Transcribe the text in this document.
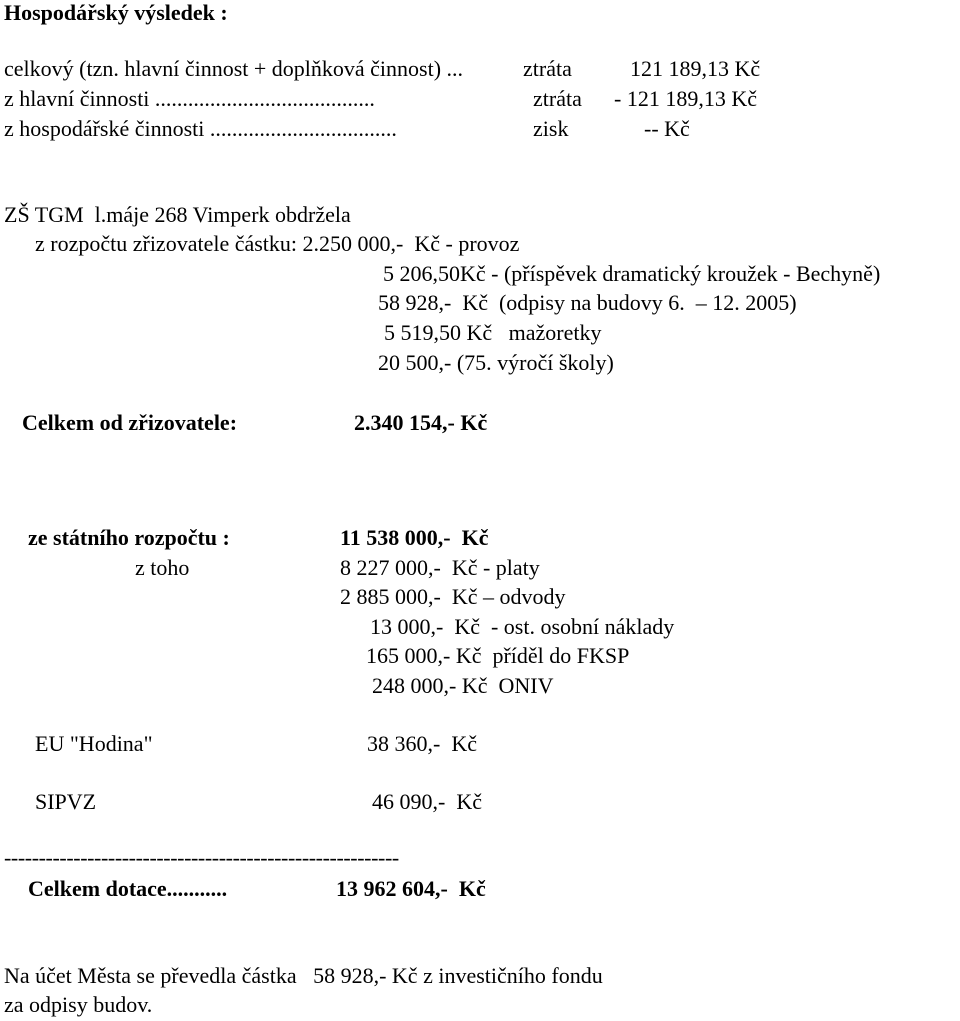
Hospodářský výsledek :
celkový (tzn. hlavní činnost + doplňková činnost) ...	ztráta	121 189,13 Kč
z hlavní činnosti ........................................	ztráta - 121 189,13 Kč
z hospodářské činnosti ..................................	zisk	-- Kč
ZŠ TGM  l.máje 268 Vimperk obdržela
z rozpočtu zřizovatele částku: 2.250 000,-  Kč - provoz
5 206,50Kč - (příspěvek dramatický kroužek - Bechyně)
58 928,-  Kč  (odpisy na budovy 6.  – 12. 2005)
5 519,50 Kč   mažoretky
20 500,- (75. výročí školy)
Celkem od zřizovatele:	2.340 154,- Kč
ze státního rozpočtu :	11 538 000,-  Kč
z toho	8 227 000,-  Kč - platy
2 885 000,-  Kč – odvody
13 000,-  Kč  - ost. osobní náklady
165 000,- Kč  příděl do FKSP
248 000,- Kč  ONIV
EU "Hodina"	38 360,-  Kč
SIPVZ	46 090,-  Kč
---------------------------------------------------------
Celkem dotace...........	13 962 604,-  Kč
Na účet Města se převedla částka   58 928,- Kč z investičního fondu
za odpisy budov.
